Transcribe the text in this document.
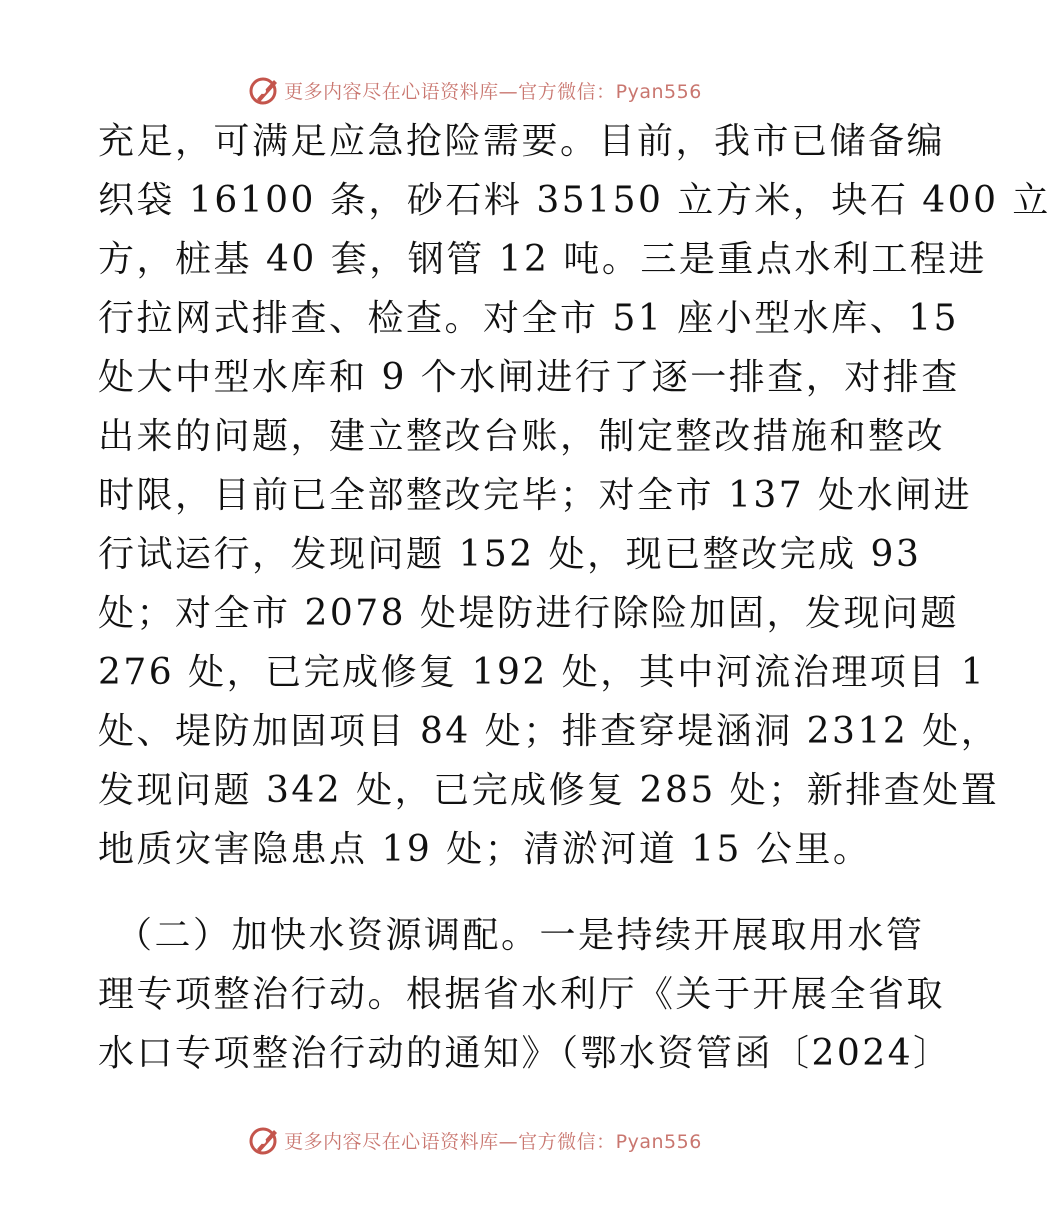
更多内容尽在心语资料库—官方微信：Pyan556
充足，可满足应急抢险需要。目前，我市已储备编
织袋 16100 条，砂石料 35150 立方米，块石 400 立
方，桩基 40 套，钢管 12 吨。三是重点水利工程进
行拉网式排查、检查。对全市 51 座小型水库、15
处大中型水库和 9 个水闸进行了逐一排查，对排查
出来的问题，建立整改台账，制定整改措施和整改
时限，目前已全部整改完毕；对全市 137 处水闸进
行试运行，发现问题 152 处，现已整改完成 93
处；对全市 2078 处堤防进行除险加固，发现问题
276 处，已完成修复 192 处，其中河流治理项目 1
处、堤防加固项目 84 处；排查穿堤涵洞 2312 处，
发现问题 342 处，已完成修复 285 处；新排查处置
地质灾害隐患点 19 处；清淤河道 15 公里。
（二）加快水资源调配。一是持续开展取用水管
理专项整治行动。根据省水利厅《关于开展全省取
水口专项整治行动的通知》（鄂水资管函〔2024〕
更多内容尽在心语资料库—官方微信：Pyan556
